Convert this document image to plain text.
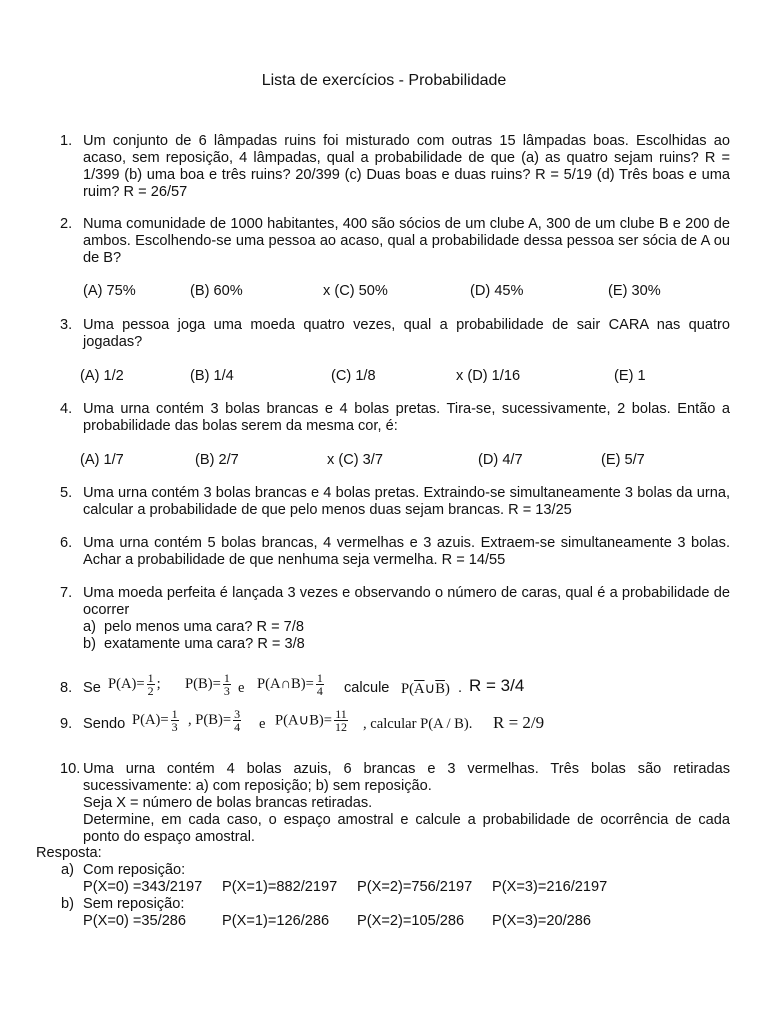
Lista de exercícios - Probabilidade
1. Um conjunto de 6 lâmpadas ruins foi misturado com outras 15 lâmpadas boas. Escolhidas ao acaso, sem reposição, 4 lâmpadas, qual a probabilidade de que (a) as quatro sejam ruins? R = 1/399 (b) uma boa e três ruins? 20/399 (c) Duas boas e duas ruins? R = 5/19 (d) Três boas e uma ruim? R = 26/57
2. Numa comunidade de 1000 habitantes, 400 são sócios de um clube A, 300 de um clube B e 200 de ambos. Escolhendo-se uma pessoa ao acaso, qual a probabilidade dessa pessoa ser sócia de A ou de B?
(A) 75%	(B) 60%	x (C) 50%	(D) 45%	(E) 30%
3. Uma pessoa joga uma moeda quatro vezes, qual a probabilidade de sair CARA nas quatro jogadas?
(A) 1/2	(B) 1/4	(C) 1/8	x (D) 1/16	(E) 1
4. Uma urna contém 3 bolas brancas e 4 bolas pretas. Tira-se, sucessivamente, 2 bolas. Então a probabilidade das bolas serem da mesma cor, é:
(A) 1/7	(B) 2/7	x (C) 3/7	(D) 4/7	(E) 5/7
5. Uma urna contém 3 bolas brancas e 4 bolas pretas. Extraindo-se simultaneamente 3 bolas da urna, calcular a probabilidade de que pelo menos duas sejam brancas. R = 13/25
6. Uma urna contém 5 bolas brancas, 4 vermelhas e 3 azuis. Extraem-se simultaneamente 3 bolas. Achar a probabilidade de que nenhuma seja vermelha. R = 14/55
7. Uma moeda perfeita é lançada 3 vezes e observando o número de caras, qual é a probabilidade de ocorrer
a) pelo menos uma cara? R = 7/8
b) exatamente uma cara? R = 3/8
8. Se $P(A)= \frac{1}{2}$ ; $P(B)= \frac{1}{3}$ e P(A∩B)= $\frac{1}{4}$ calcule $P(\overline{A}\cup\overline{B})$ . R = 3/4
9. Sendo $P(A)= \frac{1}{3}$ , $P(B)= \frac{3}{4}$ e P(A∪B)= $\frac{11}{12}$ , calcular P(A / B). R = 2/9
10. Uma urna contém 4 bolas azuis, 6 brancas e 3 vermelhas. Três bolas são retiradas sucessivamente: a) com reposição; b) sem reposição.
Seja X = número de bolas brancas retiradas.
Determine, em cada caso, o espaço amostral e calcule a probabilidade de ocorrência de cada ponto do espaço amostral.
Resposta:
a) Com reposição:
P(X=0) =343/2197 P(X=1)=882/2197 P(X=2)=756/2197 P(X=3)=216/2197
b) Sem reposição:
P(X=0) =35/286 P(X=1)=126/286 P(X=2)=105/286 P(X=3)=20/286
